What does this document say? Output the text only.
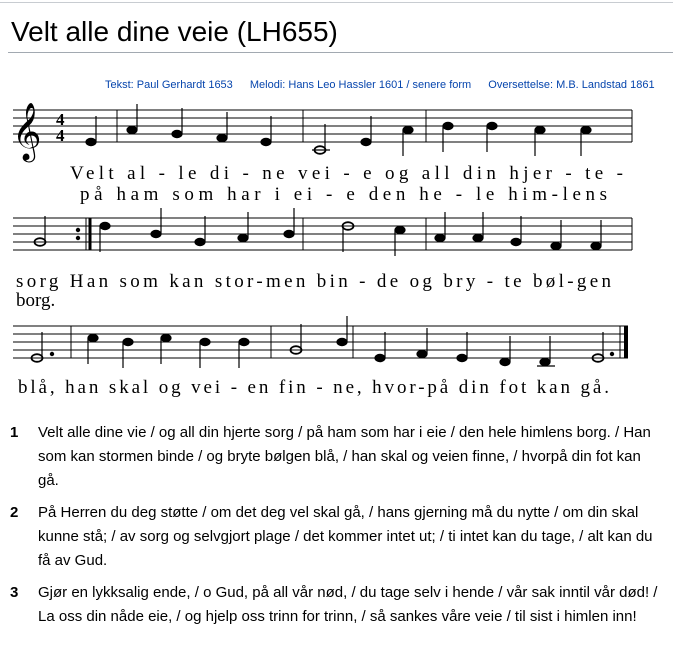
Velt alle dine veie (LH655)
Tekst: Paul Gerhardt 1653 Melodi: Hans Leo Hassler 1601 / senere form Oversettelse: M.B. Landstad 1861
𝄞 4
4
Velt al - le di - ne vei - e og all din hjer - te -
på ham som har i ei - e den he - le him-lens
sorg Han som kan stor-men bin - de og bry - te bøl-gen
borg.
blå, han skal og vei - en fin - ne, hvor-på din fot kan gå.
1	Velt alle dine vie / og all din hjerte sorg / på ham som har i eie / den hele himlens borg. / Han som kan stormen binde / og bryte bølgen blå, / han skal og veien finne, / hvorpå din fot kan gå.
2	På Herren du deg støtte / om det deg vel skal gå, / hans gjerning må du nytte / om din skal kunne stå; / av sorg og selvgjort plage / det kommer intet ut; / ti intet kan du tage, / alt kan du få av Gud.
3	Gjør en lykksalig ende, / o Gud, på all vår nød, / du tage selv i hende / vår sak inntil vår død! / La oss din nåde eie, / og hjelp oss trinn for trinn, / så sankes våre veie / til sist i himlen inn!
